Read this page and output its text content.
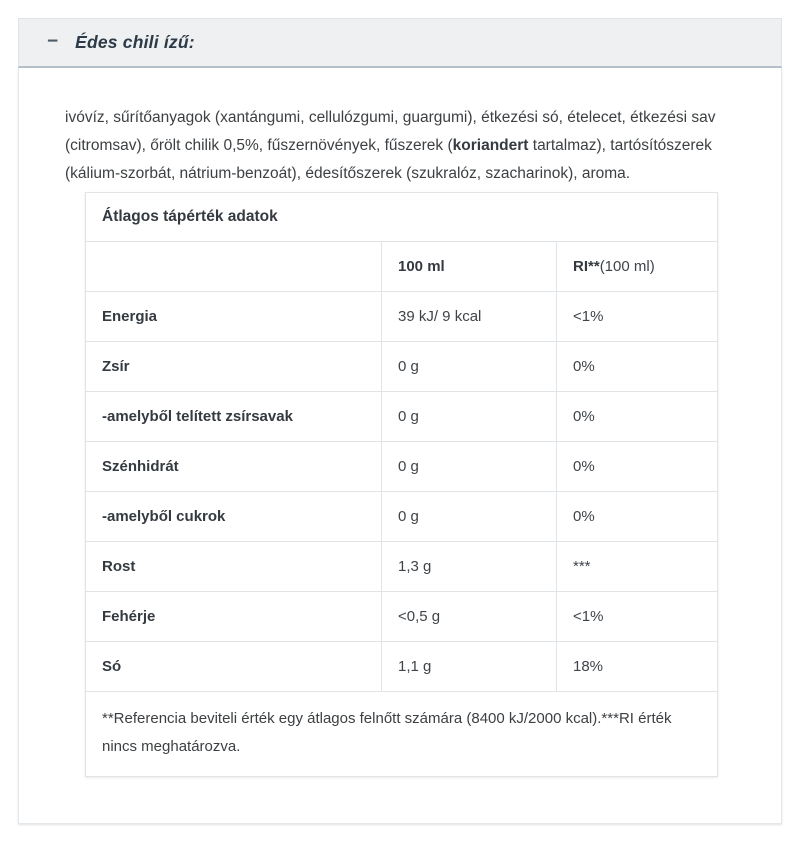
− Édes chili ízű:

ivóvíz, sűrítőanyagok (xantángumi, cellulózgumi, guargumi), étkezési só, ételecet, étkezési sav (citromsav), őrölt chilik 0,5%, fűszernövények, fűszerek (koriandert tartalmaz), tartósítószerek (kálium-szorbát, nátrium-benzoát), édesítőszerek (szukralóz, szacharinok), aroma.

Átlagos tápérték adatok		
	100 ml	RI**(100 ml)
Energia	39 kJ/ 9 kcal	<1%
Zsír	0 g	0%
-amelyből telített zsírsavak	0 g	0%
Szénhidrát	0 g	0%
-amelyből cukrok	0 g	0%
Rost	1,3 g	***
Fehérje	<0,5 g	<1%
Só	1,1 g	18%
**Referencia beviteli érték egy átlagos felnőtt számára (8400 kJ/2000 kcal).***RI érték nincs meghatározva.		
